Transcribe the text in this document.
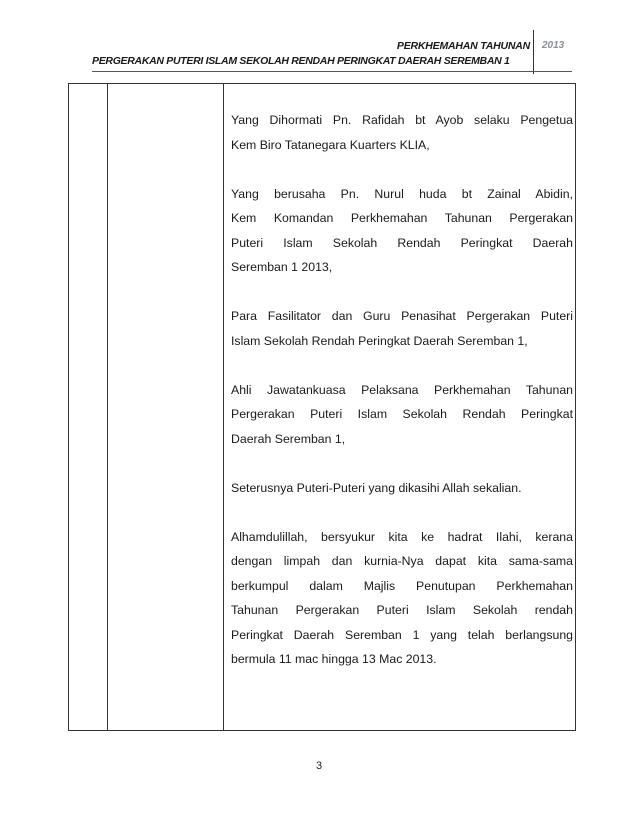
PERKHEMAHAN TAHUNAN
PERGERAKAN PUTERI ISLAM SEKOLAH RENDAH PERINGKAT DAERAH SEREMBAN 1
2013
Yang Dihormati Pn. Rafidah bt Ayob selaku Pengetua
Kem Biro Tatanegara Kuarters KLIA,
Yang berusaha Pn. Nurul huda bt Zainal Abidin,
Kem Komandan Perkhemahan Tahunan Pergerakan
Puteri Islam Sekolah Rendah Peringkat Daerah
Seremban 1 2013,
Para Fasilitator dan Guru Penasihat Pergerakan Puteri
Islam Sekolah Rendah Peringkat Daerah Seremban 1,
Ahli Jawatankuasa Pelaksana Perkhemahan Tahunan
Pergerakan Puteri Islam Sekolah Rendah Peringkat
Daerah Seremban 1,
Seterusnya Puteri-Puteri yang dikasihi Allah sekalian.
Alhamdulillah, bersyukur kita ke hadrat Ilahi, kerana
dengan limpah dan kurnia-Nya dapat kita sama-sama
berkumpul dalam Majlis Penutupan Perkhemahan
Tahunan Pergerakan Puteri Islam Sekolah rendah
Peringkat Daerah Seremban 1 yang telah berlangsung
bermula 11 mac hingga 13 Mac 2013.
3
